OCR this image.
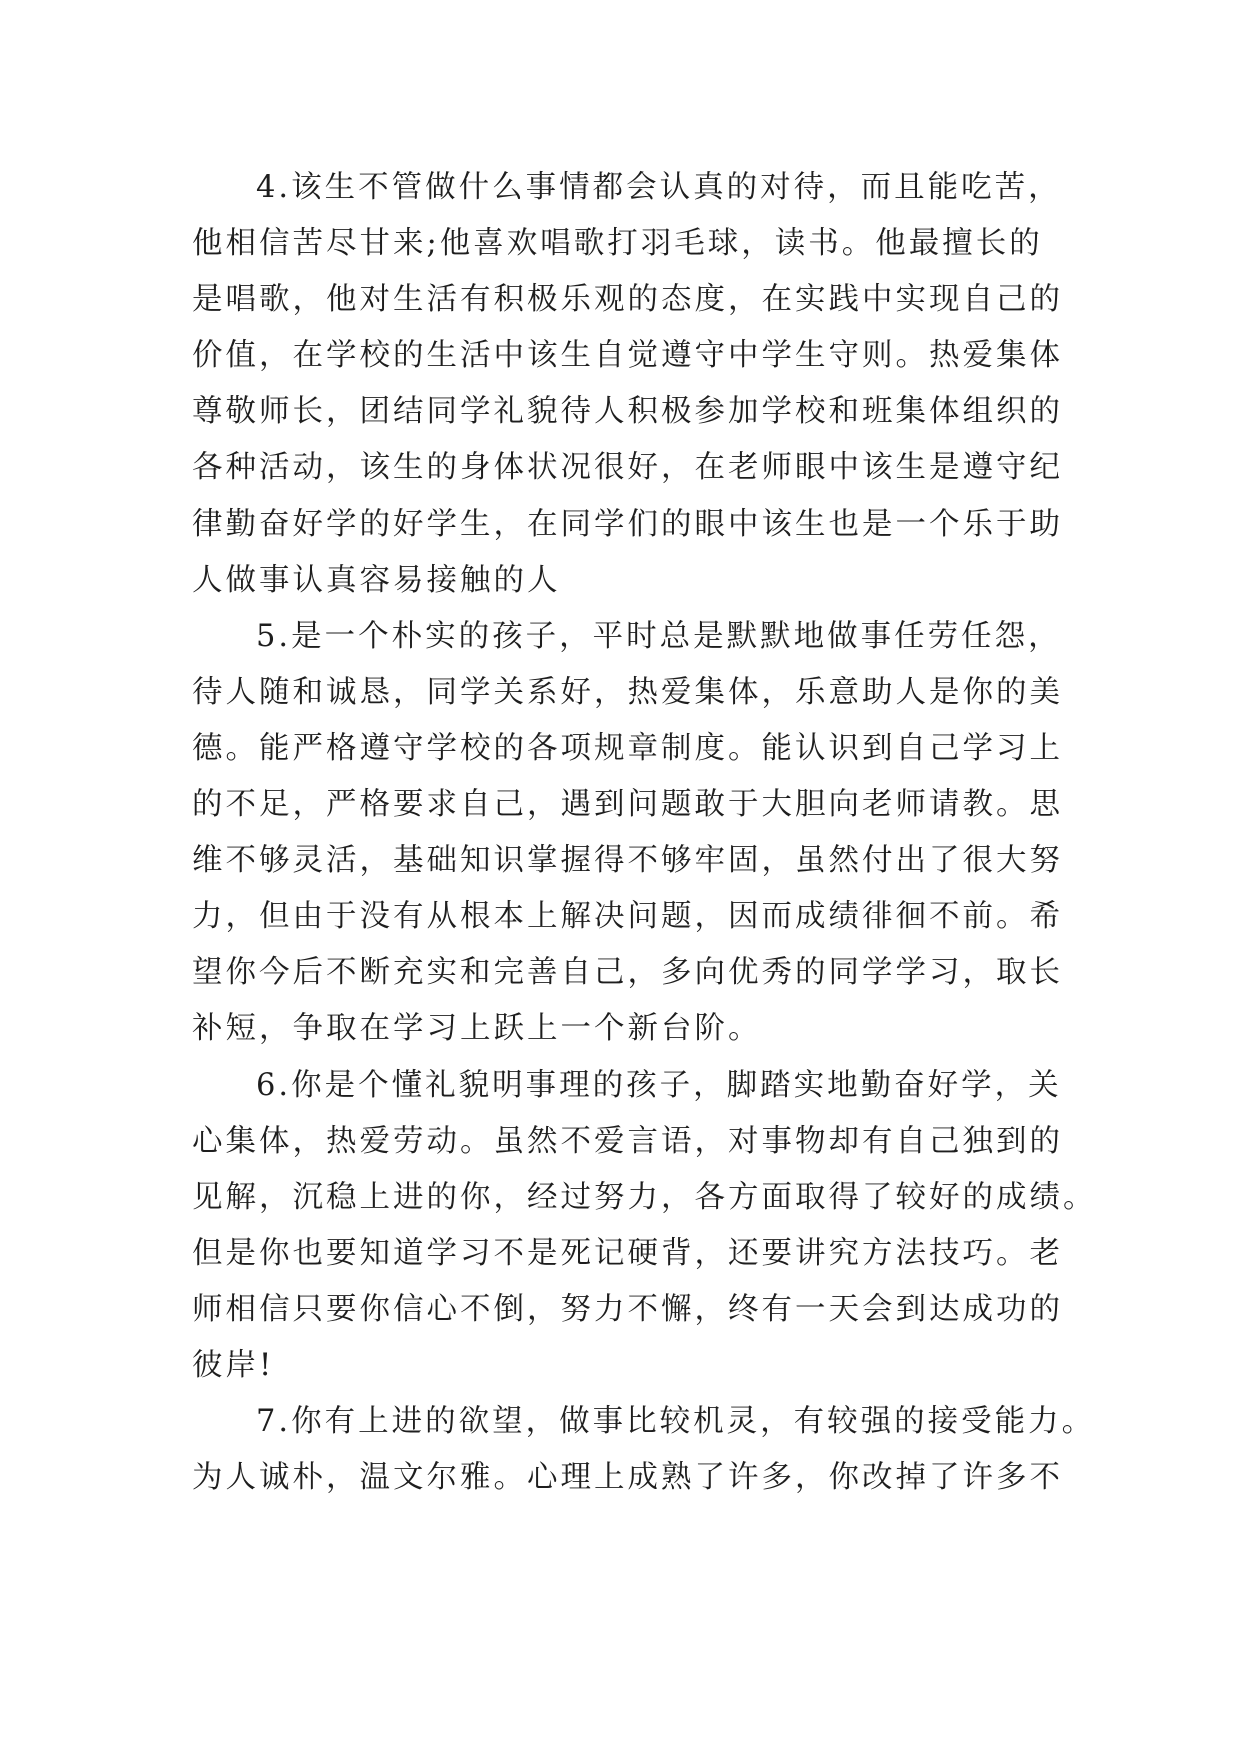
4.该生不管做什么事情都会认真的对待，而且能吃苦，
他相信苦尽甘来;他喜欢唱歌打羽毛球，读书。他最擅长的
是唱歌，他对生活有积极乐观的态度，在实践中实现自己的
价值，在学校的生活中该生自觉遵守中学生守则。热爱集体
尊敬师长，团结同学礼貌待人积极参加学校和班集体组织的
各种活动，该生的身体状况很好，在老师眼中该生是遵守纪
律勤奋好学的好学生，在同学们的眼中该生也是一个乐于助
人做事认真容易接触的人
5.是一个朴实的孩子，平时总是默默地做事任劳任怨，
待人随和诚恳，同学关系好，热爱集体，乐意助人是你的美
德。能严格遵守学校的各项规章制度。能认识到自己学习上
的不足，严格要求自己，遇到问题敢于大胆向老师请教。思
维不够灵活，基础知识掌握得不够牢固，虽然付出了很大努
力，但由于没有从根本上解决问题，因而成绩徘徊不前。希
望你今后不断充实和完善自己，多向优秀的同学学习，取长
补短，争取在学习上跃上一个新台阶。
6.你是个懂礼貌明事理的孩子，脚踏实地勤奋好学，关
心集体，热爱劳动。虽然不爱言语，对事物却有自己独到的
见解，沉稳上进的你，经过努力，各方面取得了较好的成绩。
但是你也要知道学习不是死记硬背，还要讲究方法技巧。老
师相信只要你信心不倒，努力不懈，终有一天会到达成功的
彼岸!
7.你有上进的欲望，做事比较机灵，有较强的接受能力。
为人诚朴，温文尔雅。心理上成熟了许多，你改掉了许多不
